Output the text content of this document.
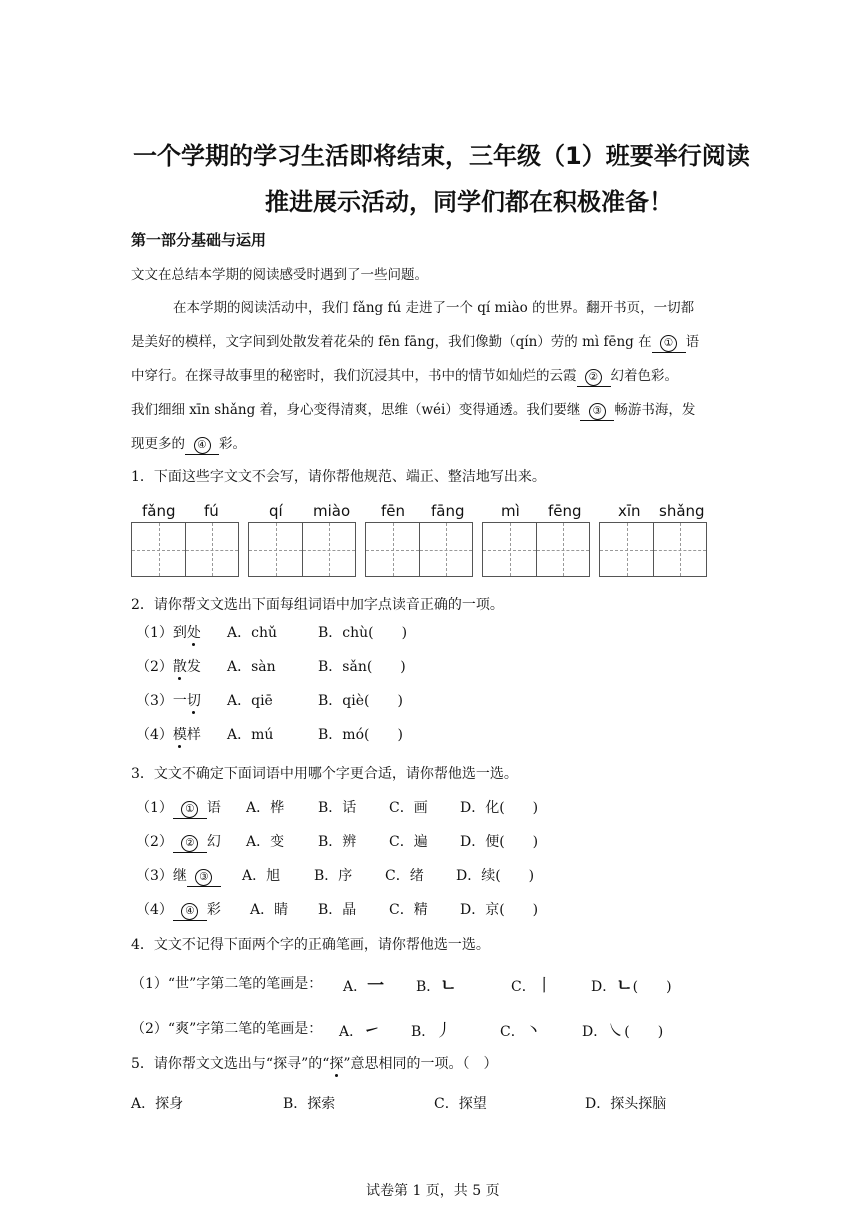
一个学期的学习生活即将结束，三年级（1）班要举行阅读
推进展示活动，同学们都在积极准备！
第一部分基础与运用
文文在总结本学期的阅读感受时遇到了一些问题。
在本学期的阅读活动中，我们 fǎng fú 走进了一个 qí miào 的世界。翻开书页，一切都
是美好的模样，文字间到处散发着花朵的 fēn fāng，我们像勤（qín）劳的 mì fēng 在 ① 语
中穿行。在探寻故事里的秘密时，我们沉浸其中，书中的情节如灿烂的云霞 ② 幻着色彩。
我们细细 xīn shǎng 着，身心变得清爽，思维（wéi）变得通透。我们要继 ③ 畅游书海，发
现更多的 ④ 彩。
1．下面这些字文文不会写，请你帮他规范、端正、整洁地写出来。
fǎng fú	qí miào fēn fāng mì fēng xīn shǎng
2．请你帮文文选出下面每组词语中加字点读音正确的一项。
（1）到处 A．chǔ	B．chù(　　)
（2）散发 A．sàn	B．sǎn(　　)
（3）一切 A．qiē	B．qiè(　　)
（4）模样 A．mú	B．mó(　　)
3．文文不确定下面词语中用哪个字更合适，请你帮他选一选。
（1） ① 语 A．桦 B．话 C．画 D．化(　　)
（2） ② 幻 A．变 B．辨 C．遍 D．便(　　)
（3）继 ③	A．旭 B．序 C．绪 D．续(　　)
（4） ④ 彩 A．睛 B．晶 C．精 D．京(　　)
4．文文不记得下面两个字的正确笔画，请你帮他选一选。
（1）“世”字第二笔的笔画是： A．一 B．ㄴ	C．丨	D．ㄴ(　　)
（2）“爽”字第二笔的笔画是： A．㇀ B．丿	C．丶	D．㇏(　　)
5．请你帮文文选出与“探寻”的“探”意思相同的一项。（　）
A．探身	B．探索	C．探望	D．探头探脑
试卷第 1 页，共 5 页
